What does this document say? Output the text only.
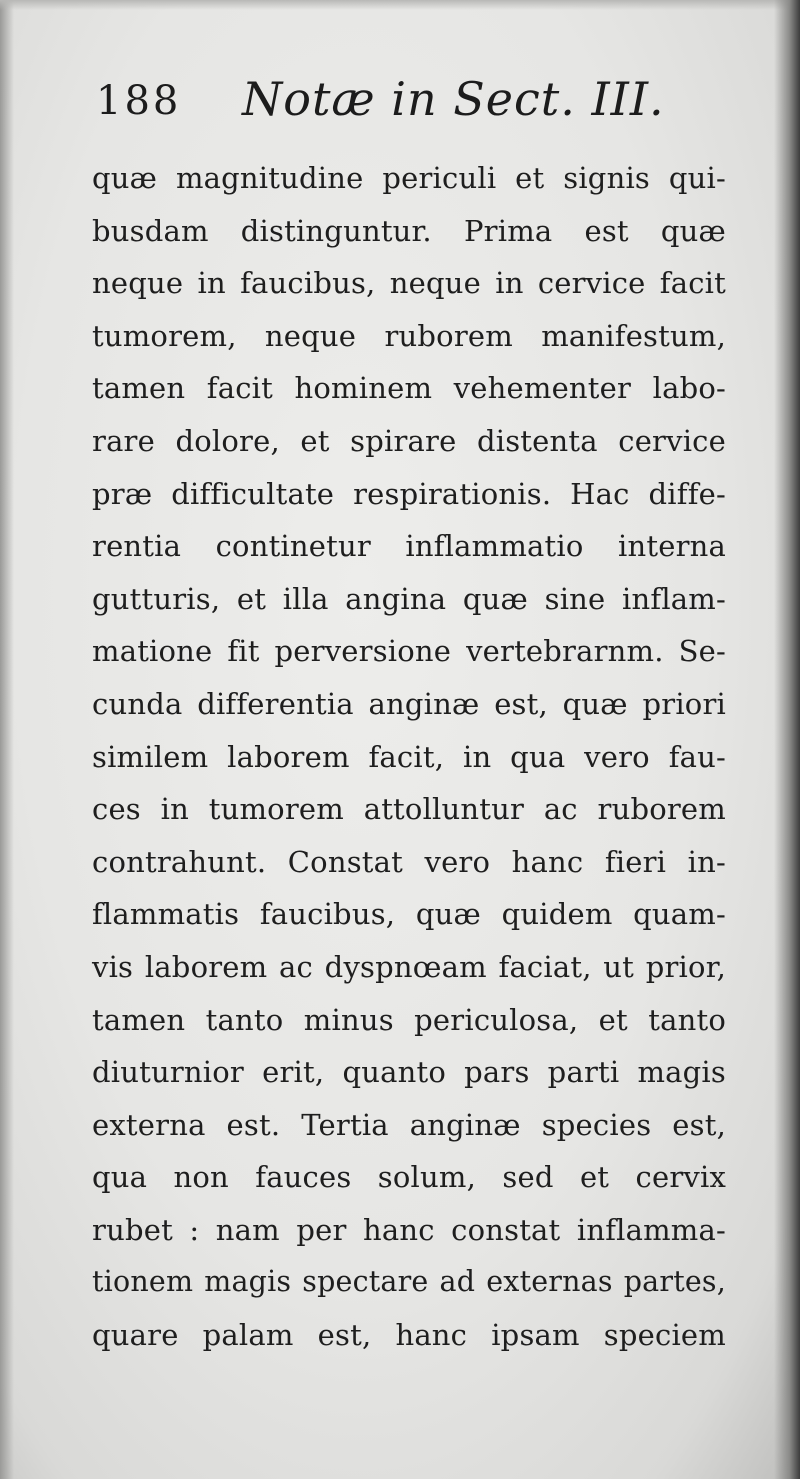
188 Notæ in Sect. III.
quæ magnitudine periculi et signis qui-
busdam distinguntur. Prima est quæ
neque in faucibus, neque in cervice facit
tumorem, neque ruborem manifestum,
tamen facit hominem vehementer labo-
rare dolore, et spirare distenta cervice
præ difficultate respirationis. Hac diffe-
rentia continetur inflammatio interna
gutturis, et illa angina quæ sine inflam-
matione fit perversione vertebrarnm. Se-
cunda differentia anginæ est, quæ priori
similem laborem facit, in qua vero fau-
ces in tumorem attolluntur ac ruborem
contrahunt. Constat vero hanc fieri in-
flammatis faucibus, quæ quidem quam-
vis laborem ac dyspnœam faciat, ut prior,
tamen tanto minus periculosa, et tanto
diuturnior erit, quanto pars parti magis
externa est. Tertia anginæ species est,
qua non fauces solum, sed et cervix
rubet : nam per hanc constat inflamma-
tionem magis spectare ad externas partes,
quare palam est, hanc ipsam speciem
